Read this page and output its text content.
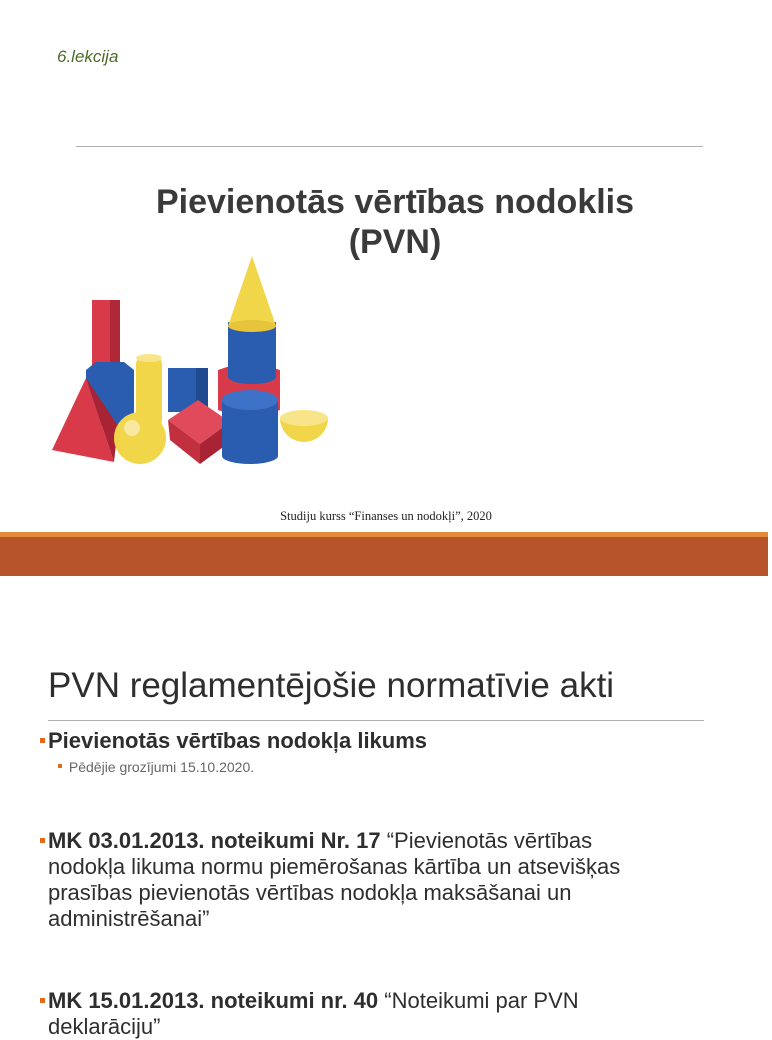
6.lekcija
Pievienotās vērtības nodoklis
(PVN)
Studiju kurss “Finanses un nodokļi”, 2020
PVN reglamentējošie normatīvie akti
Pievienotās vērtības nodokļa likums
Pēdējie grozījumi 15.10.2020.
MK 03.01.2013. noteikumi Nr. 17 “Pievienotās vērtības
nodokļa likuma normu piemērošanas kārtība un atsevišķas
prasības pievienotās vērtības nodokļa maksāšanai un
administrēšanai”
MK 15.01.2013. noteikumi nr. 40 “Noteikumi par PVN
deklarāciju”
